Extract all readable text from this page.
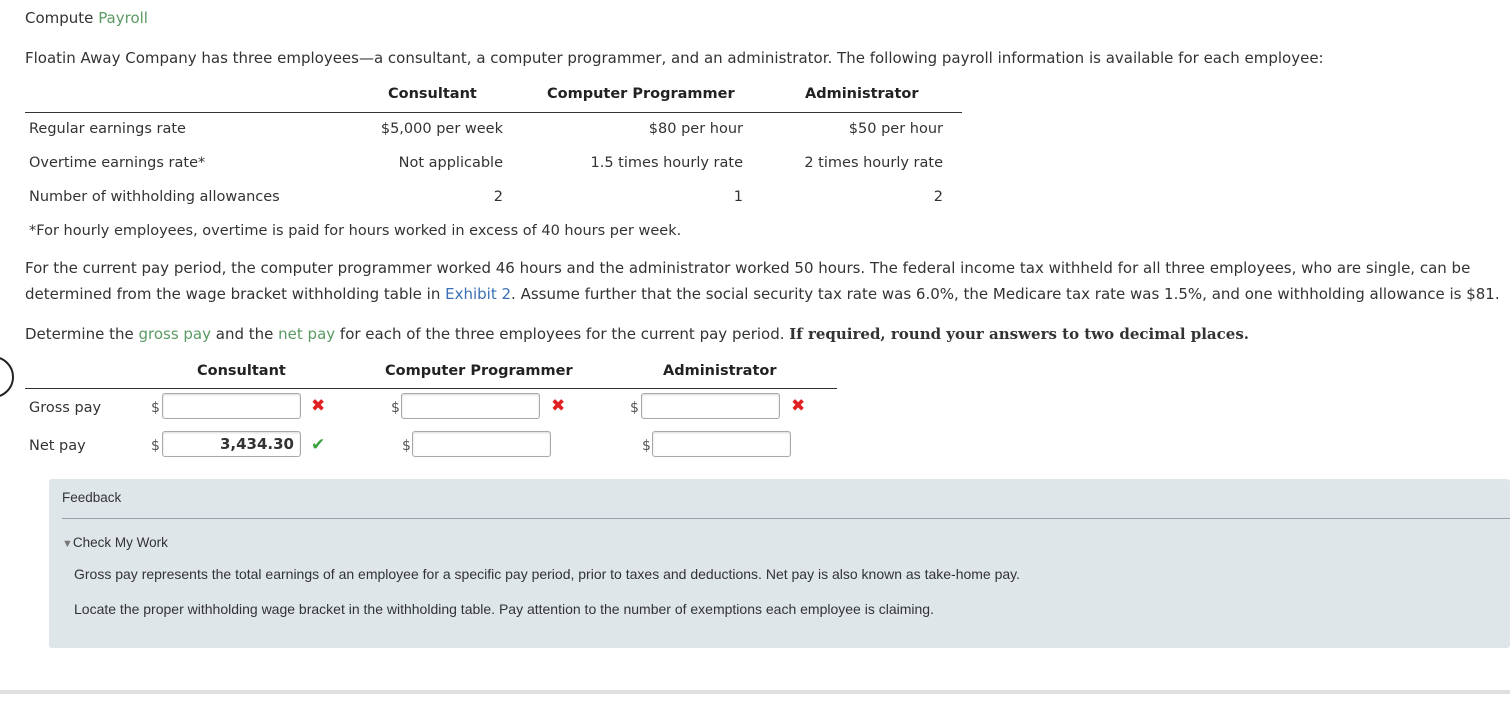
Compute Payroll
Floatin Away Company has three employees—a consultant, a computer programmer, and an administrator. The following payroll information is available for each employee:
Consultant	Computer Programmer	Administrator
Regular earnings rate	$5,000 per week	$80 per hour	$50 per hour
Overtime earnings rate*	Not applicable	1.5 times hourly rate	2 times hourly rate
Number of withholding allowances	2	1	2
*For hourly employees, overtime is paid for hours worked in excess of 40 hours per week.
For the current pay period, the computer programmer worked 46 hours and the administrator worked 50 hours. The federal income tax withheld for all three employees, who are single, can be
determined from the wage bracket withholding table in Exhibit 2. Assume further that the social security tax rate was 6.0%, the Medicare tax rate was 1.5%, and one withholding allowance is $81.
Determine the gross pay and the net pay for each of the three employees for the current pay period. If required, round your answers to two decimal places.
Consultant	Computer Programmer	Administrator
Gross pay	$	✖	$	✖	$	✖
Net pay	$	3,434.30	✔	$	$
Feedback
▼Check My Work
Gross pay represents the total earnings of an employee for a specific pay period, prior to taxes and deductions. Net pay is also known as take-home pay.
Locate the proper withholding wage bracket in the withholding table. Pay attention to the number of exemptions each employee is claiming.
